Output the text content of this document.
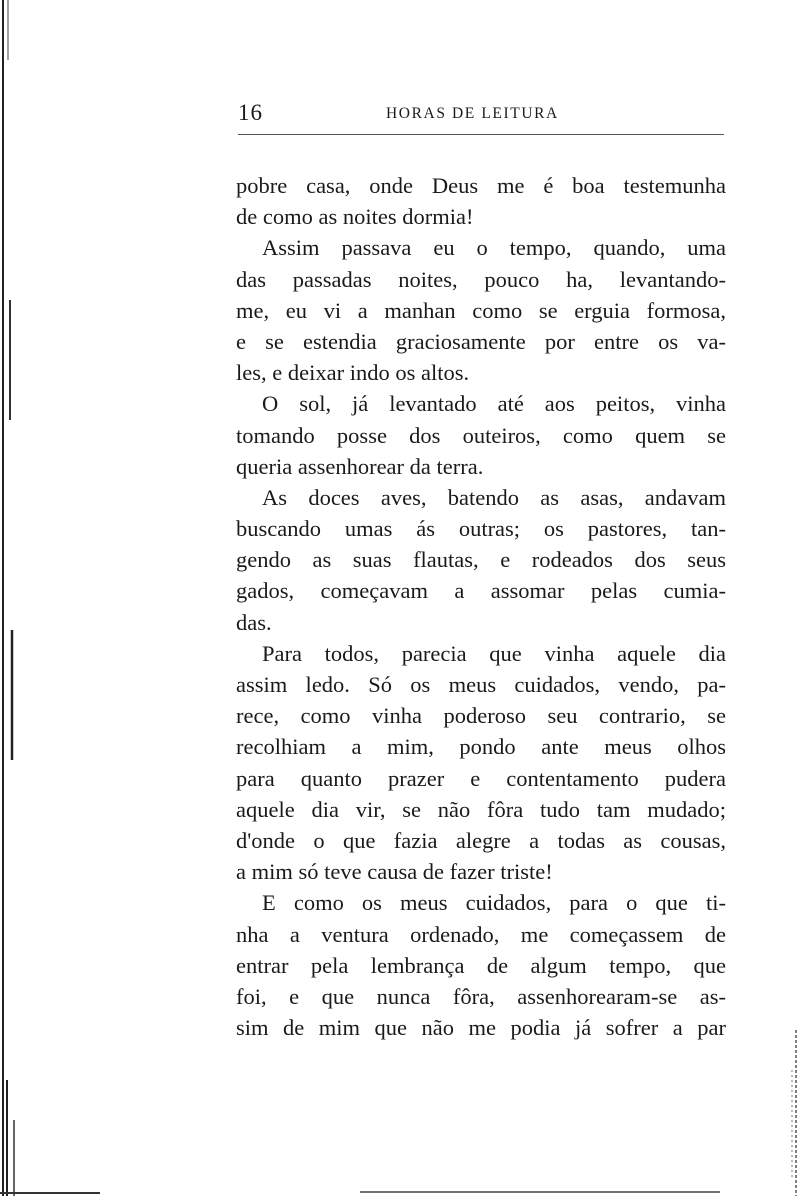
16	HORAS DE LEITURA
pobre casa, onde Deus me é boa testemunha
de como as noites dormia!
Assim passava eu o tempo, quando, uma
das passadas noites, pouco ha, levantando-
me, eu vi a manhan como se erguia formosa,
e se estendia graciosamente por entre os va-
les, e deixar indo os altos.
O sol, já levantado até aos peitos, vinha
tomando posse dos outeiros, como quem se
queria assenhorear da terra.
As doces aves, batendo as asas, andavam
buscando umas ás outras; os pastores, tan-
gendo as suas flautas, e rodeados dos seus
gados, começavam a assomar pelas cumia-
das.
Para todos, parecia que vinha aquele dia
assim ledo. Só os meus cuidados, vendo, pa-
rece, como vinha poderoso seu contrario, se
recolhiam a mim, pondo ante meus olhos
para quanto prazer e contentamento pudera
aquele dia vir, se não fôra tudo tam mudado;
d'onde o que fazia alegre a todas as cousas,
a mim só teve causa de fazer triste!
E como os meus cuidados, para o que ti-
nha a ventura ordenado, me começassem de
entrar pela lembrança de algum tempo, que
foi, e que nunca fôra, assenhorearam-se as-
sim de mim que não me podia já sofrer a par
